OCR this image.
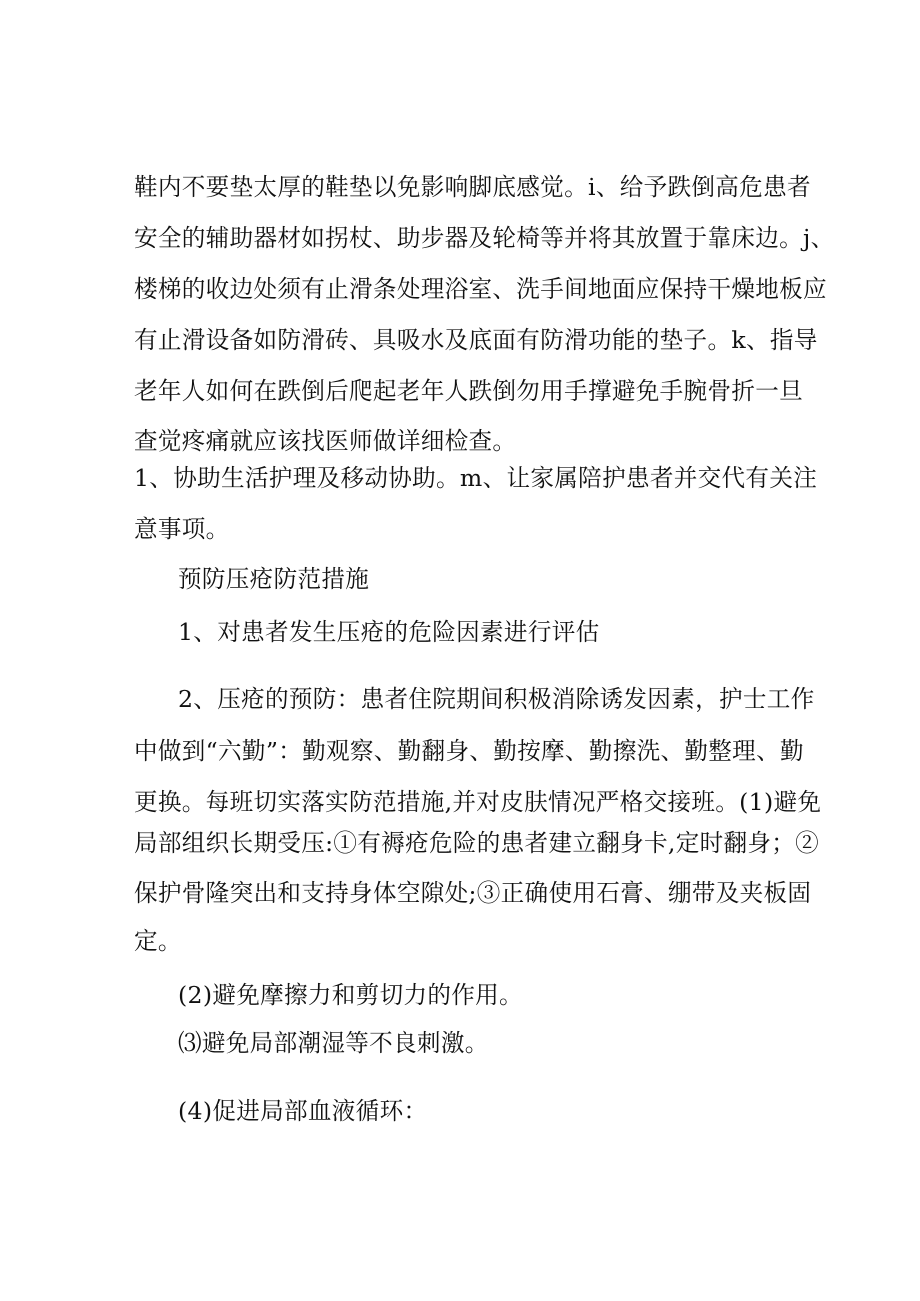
鞋内不要垫太厚的鞋垫以免影响脚底感觉。i、给予跌倒高危患者

安全的辅助器材如拐杖、助步器及轮椅等并将其放置于靠床边。j、

楼梯的收边处须有止滑条处理浴室、洗手间地面应保持干燥地板应

有止滑设备如防滑砖、具吸水及底面有防滑功能的垫子。k、指导

老年人如何在跌倒后爬起老年人跌倒勿用手撑避免手腕骨折一旦

查觉疼痛就应该找医师做详细检查。

1、协助生活护理及移动协助。m、让家属陪护患者并交代有关注

意事项。

预防压疮防范措施

1、对患者发生压疮的危险因素进行评估

2、压疮的预防：患者住院期间积极消除诱发因素，护士工作

中做到“六勤”：勤观察、勤翻身、勤按摩、勤擦洗、勤整理、勤

更换。每班切实落实防范措施,并对皮肤情况严格交接班。(1)避免

局部组织长期受压:①有褥疮危险的患者建立翻身卡,定时翻身；②

保护骨隆突出和支持身体空隙处;③正确使用石膏、绷带及夹板固

定。

(2)避免摩擦力和剪切力的作用。

⑶避免局部潮湿等不良刺激。

(4)促进局部血液循环：
